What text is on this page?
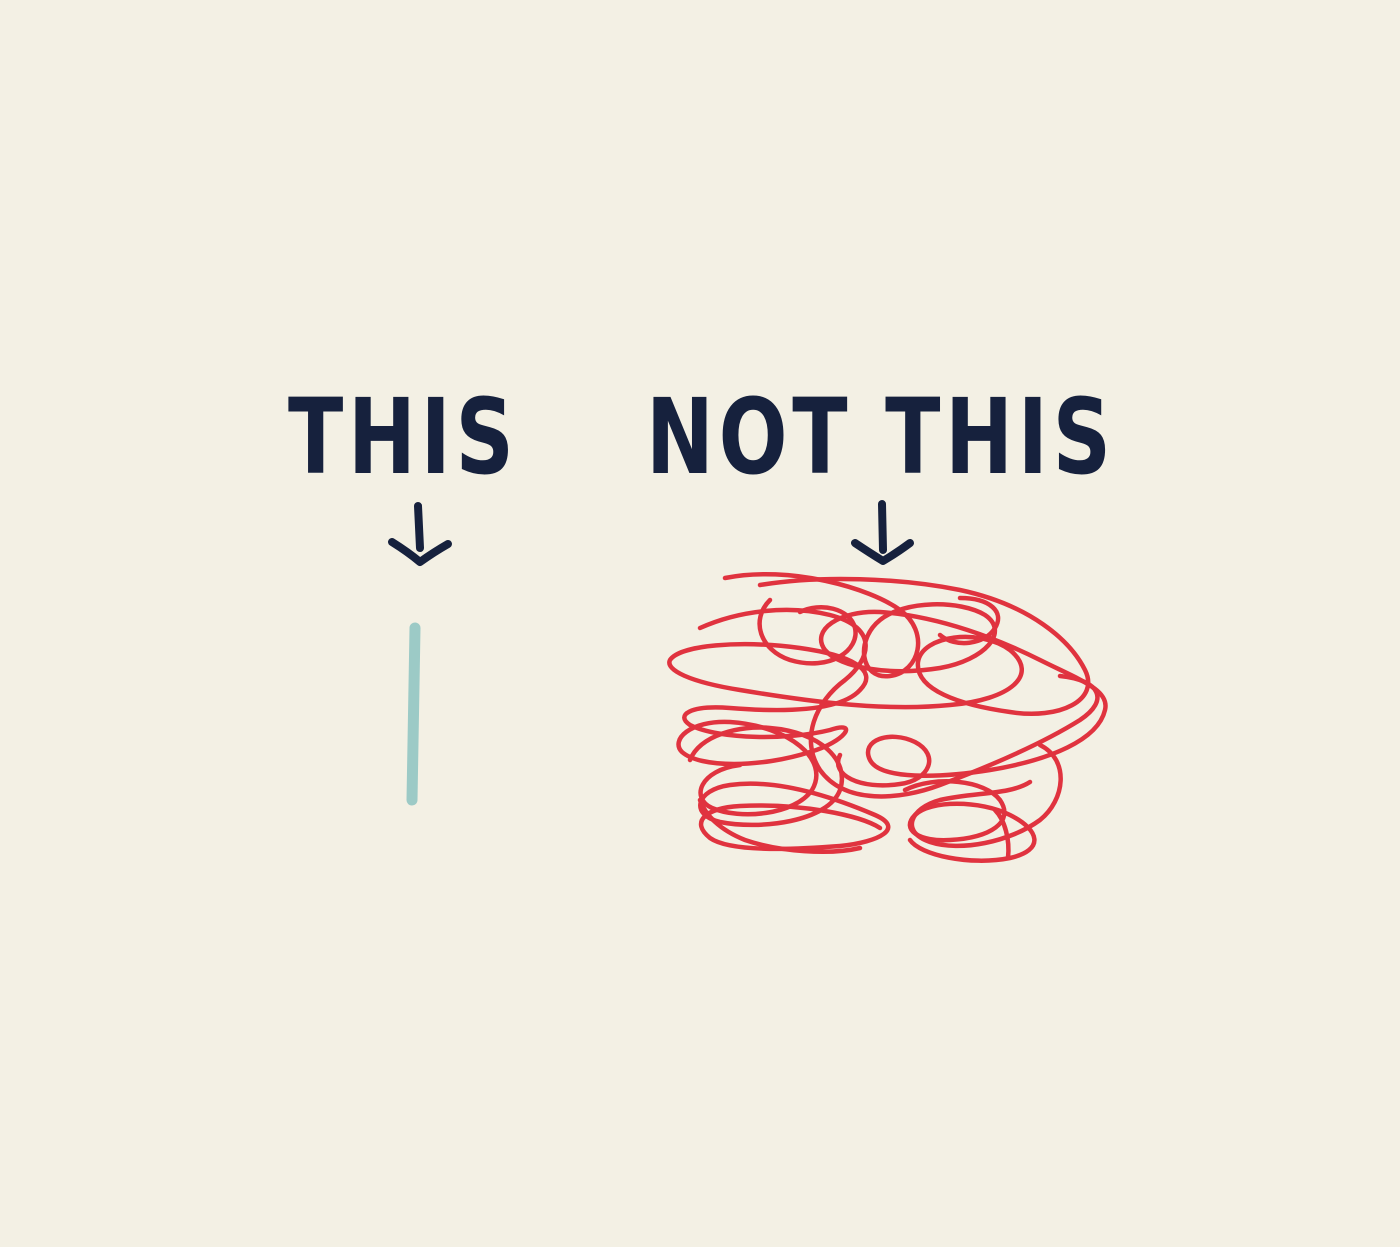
THIS NOT THIS
